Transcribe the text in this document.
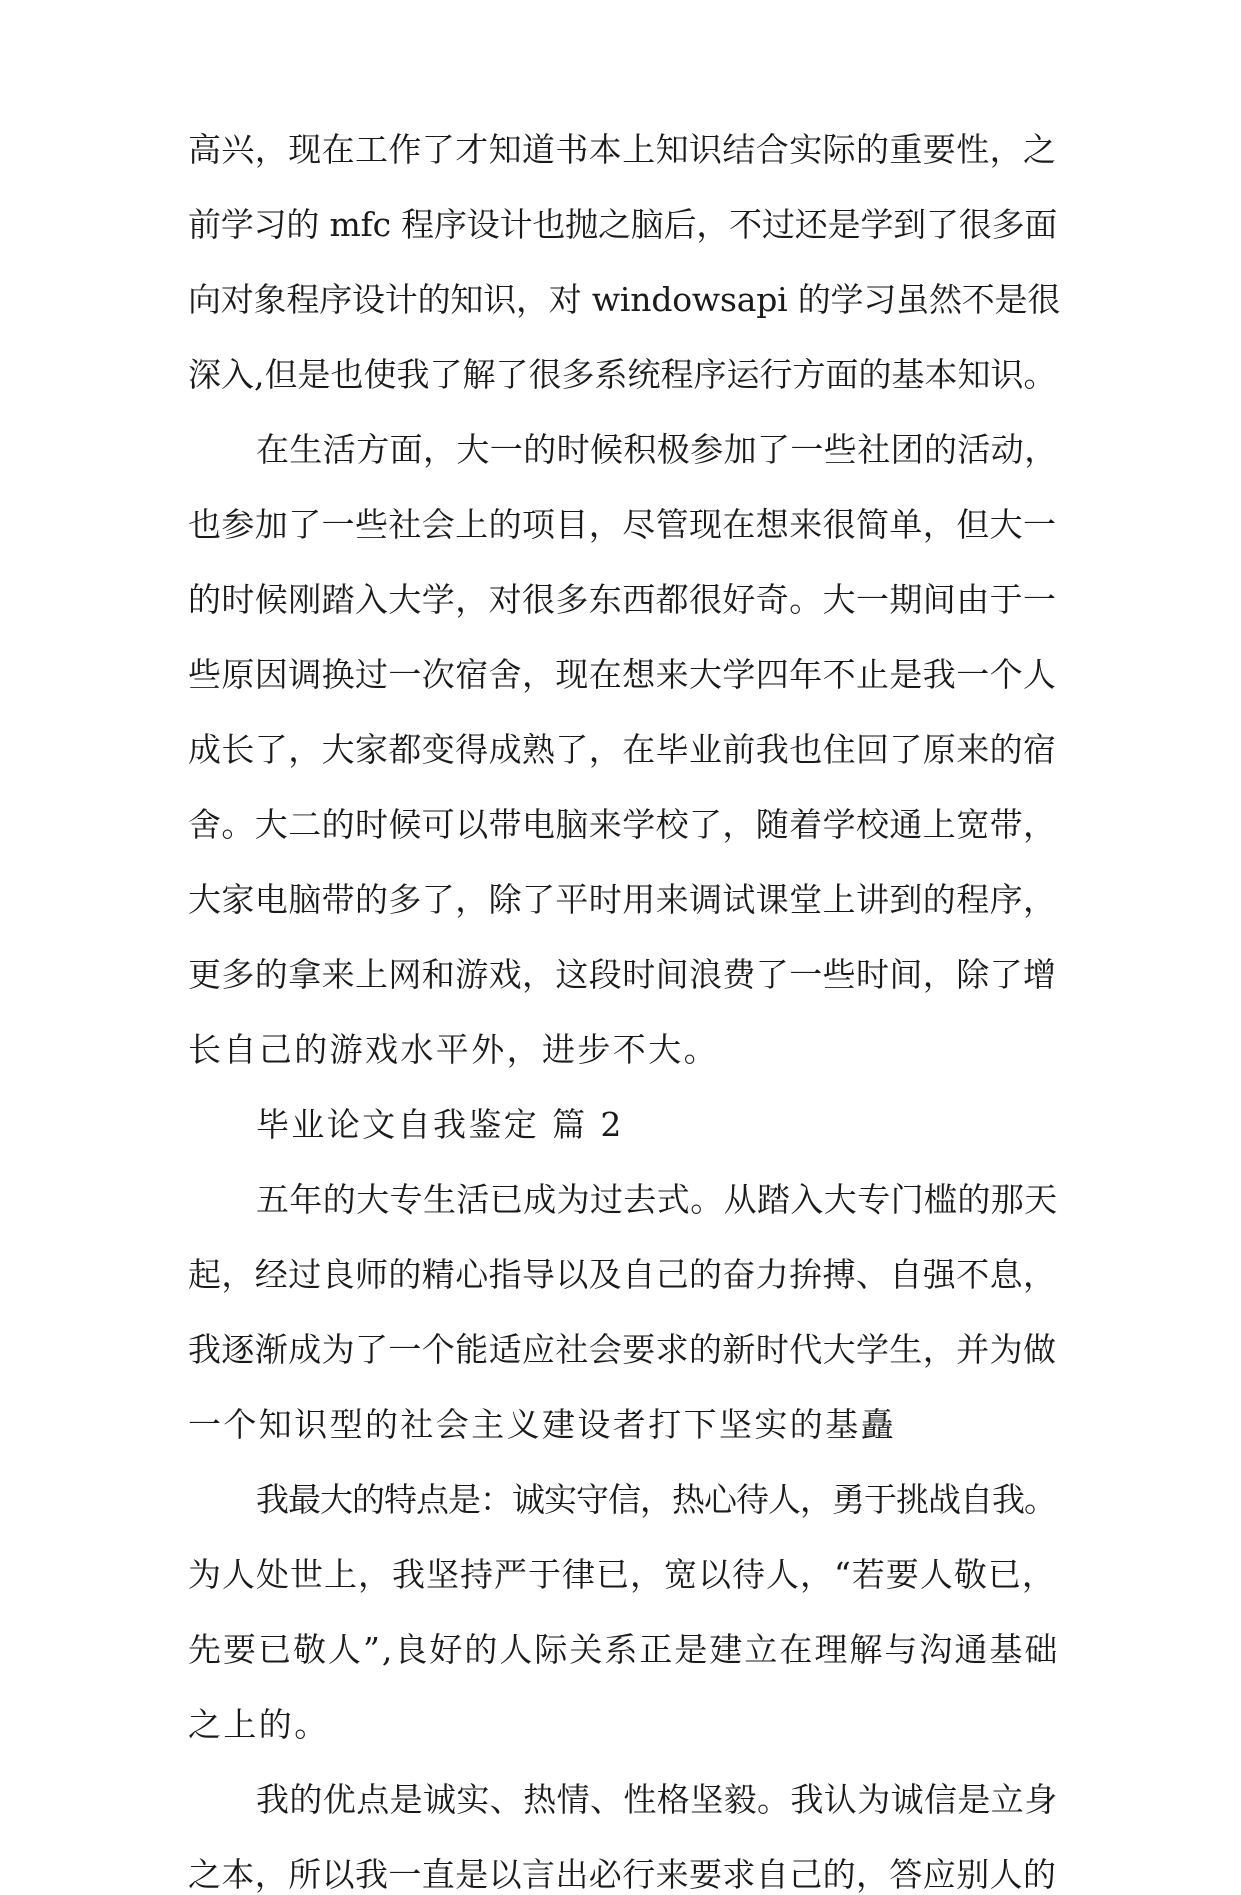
高兴，现在工作了才知道书本上知识结合实际的重要性，之
前学习的 mfc 程序设计也抛之脑后，不过还是学到了很多面
向对象程序设计的知识，对 windowsapi 的学习虽然不是很
深入,但是也使我了解了很多系统程序运行方面的基本知识。
在生活方面，大一的时候积极参加了一些社团的活动，
也参加了一些社会上的项目，尽管现在想来很简单，但大一
的时候刚踏入大学，对很多东西都很好奇。大一期间由于一
些原因调换过一次宿舍，现在想来大学四年不止是我一个人
成长了，大家都变得成熟了，在毕业前我也住回了原来的宿
舍。大二的时候可以带电脑来学校了，随着学校通上宽带，
大家电脑带的多了，除了平时用来调试课堂上讲到的程序，
更多的拿来上网和游戏，这段时间浪费了一些时间，除了增
长自己的游戏水平外，进步不大。
毕业论文自我鉴定 篇 2
五年的大专生活已成为过去式。从踏入大专门槛的那天
起，经过良师的精心指导以及自己的奋力拚搏、自强不息，
我逐渐成为了一个能适应社会要求的新时代大学生，并为做
一个知识型的社会主义建设者打下坚实的基矗
我最大的特点是：诚实守信，热心待人，勇于挑战自我。
为人处世上，我坚持严于律已，宽以待人，“若要人敬已，
先要已敬人”,良好的人际关系正是建立在理解与沟通基础
之上的。
我的优点是诚实、热情、性格坚毅。我认为诚信是立身
之本，所以我一直是以言出必行来要求自己的，答应别人的
